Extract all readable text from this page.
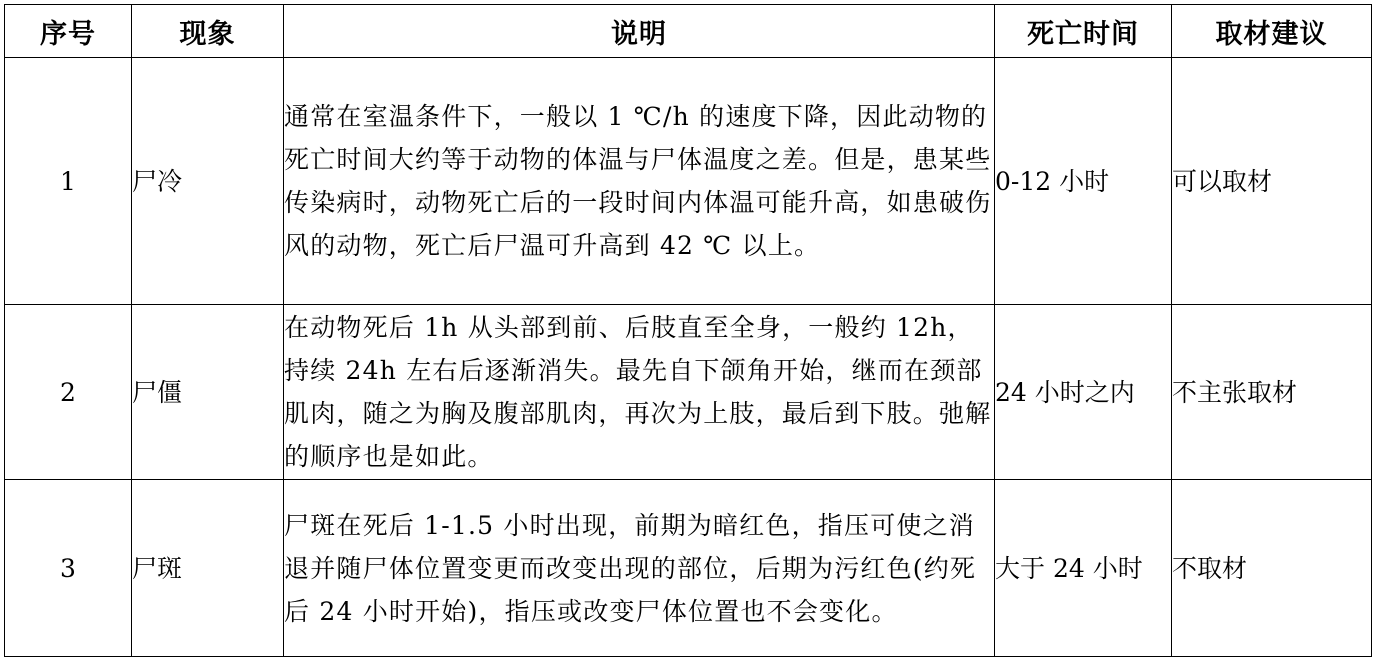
序号	现象	说明	死亡时间	取材建议
1	尸冷	通常在室温条件下，一般以 1 ℃/h 的速度下降，因此动物的死亡时间大约等于动物的体温与尸体温度之差。但是，患某些传染病时，动物死亡后的一段时间内体温可能升高，如患破伤风的动物，死亡后尸温可升高到 42 ℃ 以上。	0-12 小时	可以取材
2	尸僵	在动物死后 1h 从头部到前、后肢直至全身，一般约 12h，持续 24h 左右后逐渐消失。最先自下颌角开始，继而在颈部肌肉，随之为胸及腹部肌肉，再次为上肢，最后到下肢。弛解的顺序也是如此。	24 小时之内	不主张取材
3	尸斑	尸斑在死后 1-1.5 小时出现，前期为暗红色，指压可使之消退并随尸体位置变更而改变出现的部位，后期为污红色(约死后 24 小时开始)，指压或改变尸体位置也不会变化。	大于 24 小时	不取材
